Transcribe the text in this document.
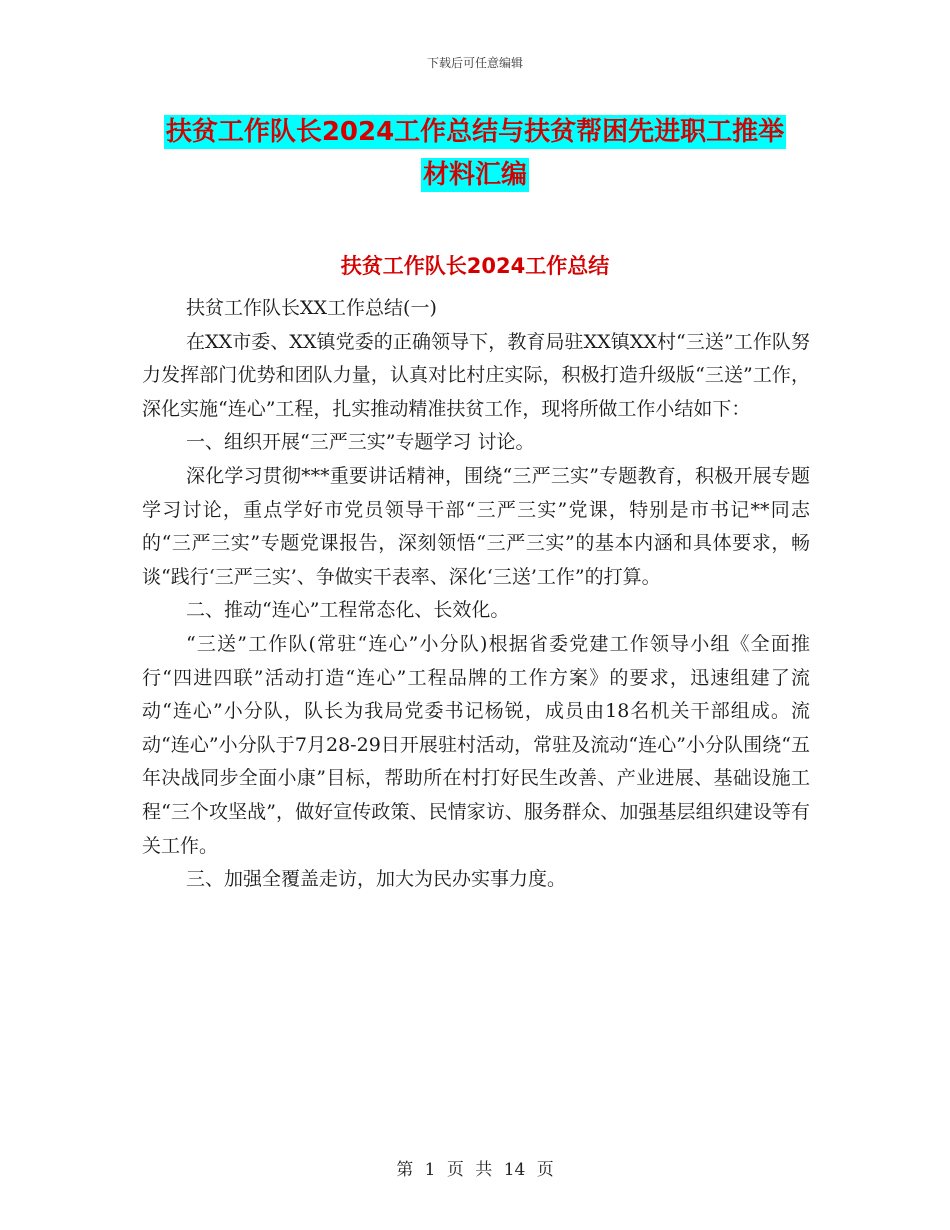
下载后可任意编辑
扶贫工作队长2024工作总结与扶贫帮困先进职工推举
材料汇编
扶贫工作队长2024工作总结

扶贫工作队长XX工作总结(一)

在XX市委、XX镇党委的正确领导下，教育局驻XX镇XX村“三送”工作队努力发挥部门优势和团队力量，认真对比村庄实际，积极打造升级版“三送”工作，深化实施“连心”工程，扎实推动精准扶贫工作，现将所做工作小结如下：

一、组织开展“三严三实”专题学习 讨论。

深化学习贯彻***重要讲话精神，围绕“三严三实”专题教育，积极开展专题学习讨论，重点学好市党员领导干部“三严三实”党课，特别是市书记**同志的“三严三实”专题党课报告，深刻领悟“三严三实”的基本内涵和具体要求，畅谈“践行‘三严三实’、争做实干表率、深化‘三送’工作”的打算。

二、推动“连心”工程常态化、长效化。

“三送”工作队(常驻“连心”小分队)根据省委党建工作领导小组《全面推行“四进四联”活动打造“连心”工程品牌的工作方案》的要求，迅速组建了流动“连心”小分队，队长为我局党委书记杨锐，成员由18名机关干部组成。流动“连心”小分队于7月28-29日开展驻村活动，常驻及流动“连心”小分队围绕“五年决战同步全面小康”目标，帮助所在村打好民生改善、产业进展、基础设施工程“三个攻坚战”，做好宣传政策、民情家访、服务群众、加强基层组织建设等有关工作。

三、加强全覆盖走访，加大为民办实事力度。

第 1 页 共 14 页
